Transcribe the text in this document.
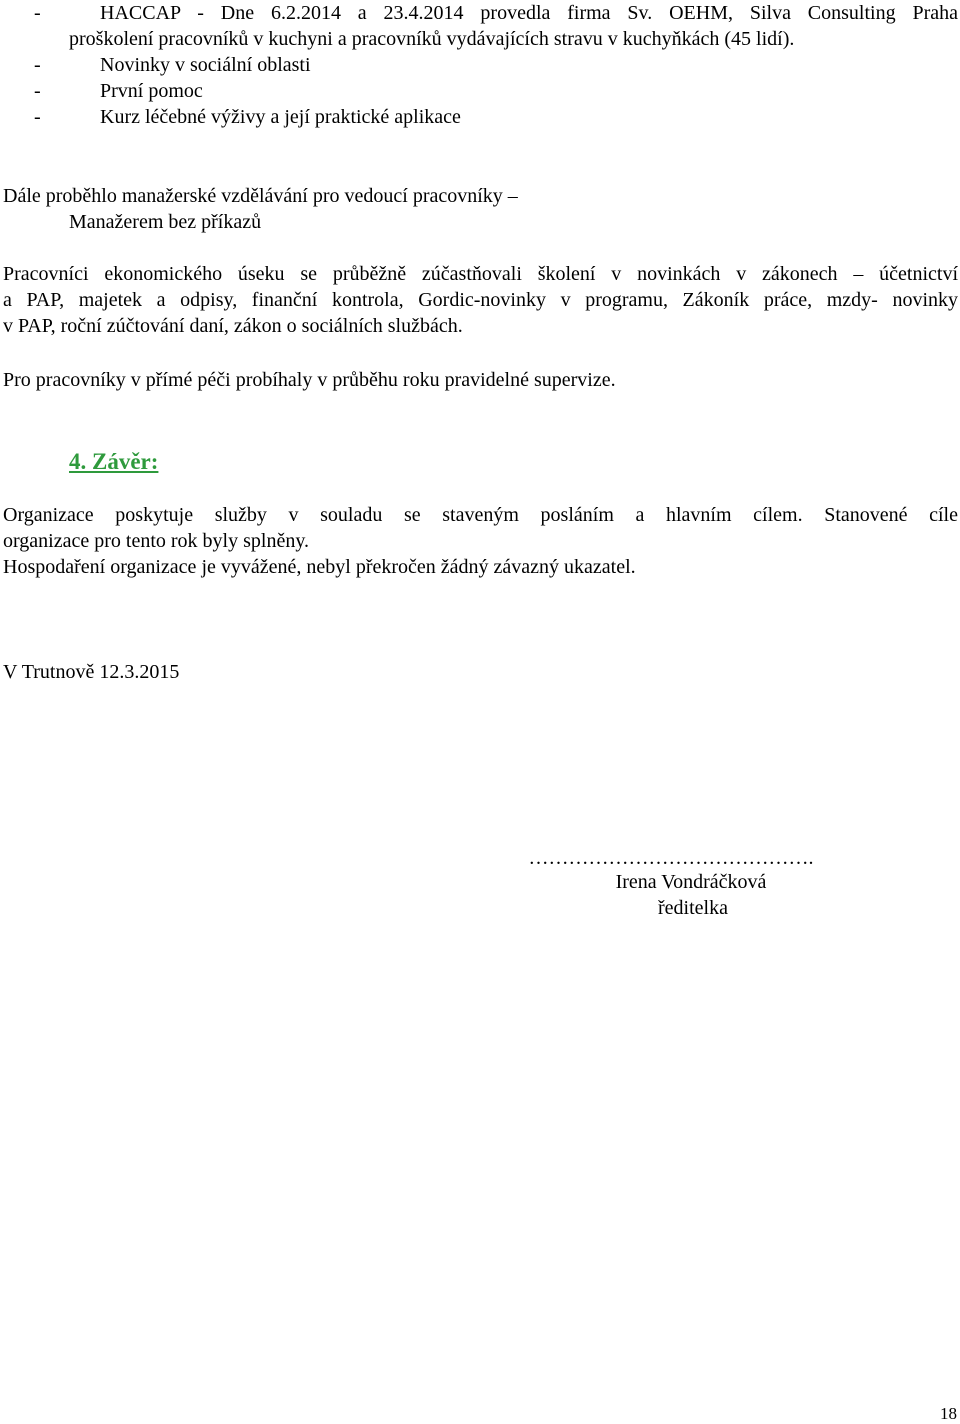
-	HACCAP - Dne 6.2.2014 a 23.4.2014 provedla firma Sv. OEHM, Silva Consulting Praha
proškolení pracovníků v kuchyni a pracovníků vydávajících stravu v kuchyňkách (45 lidí).
-	Novinky v sociální oblasti
-	První pomoc
-	Kurz léčebné výživy a její praktické aplikace
Dále proběhlo manažerské vzdělávání pro vedoucí pracovníky –
Manažerem bez příkazů
Pracovníci ekonomického úseku se průběžně zúčastňovali školení v novinkách v zákonech – účetnictví
a PAP, majetek a odpisy, finanční kontrola, Gordic-novinky v programu, Zákoník práce, mzdy- novinky
v PAP, roční zúčtování daní, zákon o sociálních službách.
Pro pracovníky v přímé péči probíhaly v průběhu roku pravidelné supervize.
4. Závěr:
Organizace poskytuje služby v souladu se staveným posláním a hlavním cílem. Stanovené cíle
organizace pro tento rok byly splněny.
Hospodaření organizace je vyvážené, nebyl překročen žádný závazný ukazatel.
V Trutnově 12.3.2015
…………………………………….
Irena Vondráčková
ředitelka
18
